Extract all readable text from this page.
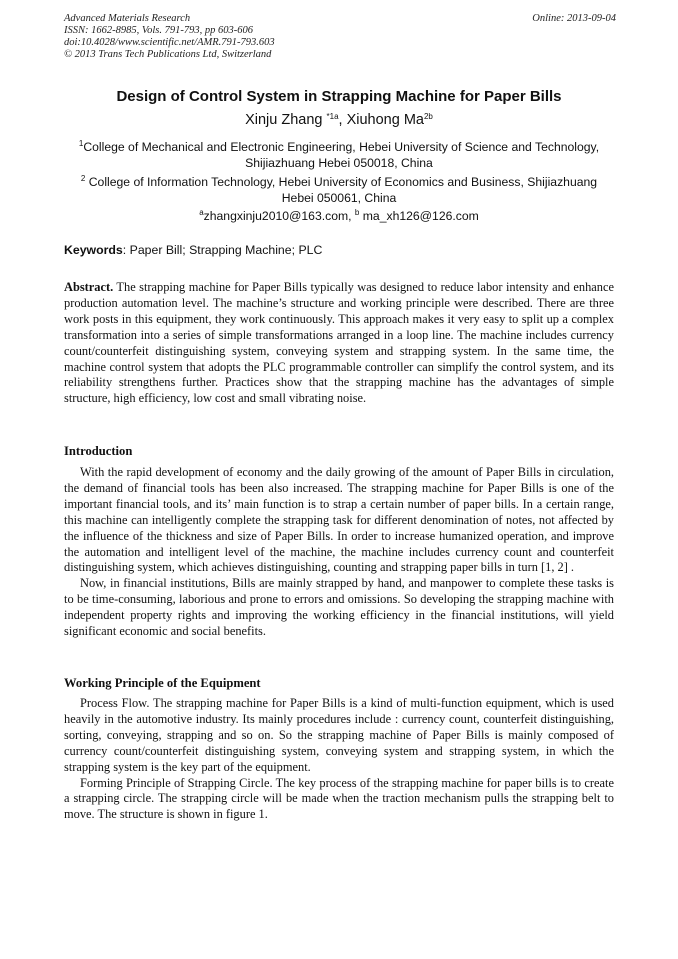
Advanced Materials Research
ISSN: 1662-8985, Vols. 791-793, pp 603-606
doi:10.4028/www.scientific.net/AMR.791-793.603
© 2013 Trans Tech Publications Ltd, Switzerland
Online: 2013-09-04
Design of Control System in Strapping Machine for Paper Bills
Xinju Zhang $^{*1a}$, Xiuhong $Ma^{2b}$
$^1$College of Mechanical and Electronic Engineering, Hebei University of Science and Technology,
Shijiazhuang Hebei 050018, China
$^2$ College of Information Technology, Hebei University of Economics and Business, Shijiazhuang
Hebei 050061, China
$^a$zhangxinju2010@163.com, $^b$ ma_xh126@126.com
Keywords: Paper Bill; Strapping Machine; PLC

Abstract. The strapping machine for Paper Bills typically was designed to reduce labor intensity and enhance production automation level. The machine’s structure and working principle were described. There are three work posts in this equipment, they work continuously. This approach makes it very easy to split up a complex transformation into a series of simple transformations arranged in a loop line. The machine includes currency count/counterfeit distinguishing system, conveying system and strapping system. In the same time, the machine control system that adopts the PLC programmable controller can simplify the control system, and its reliability strengthens further. Practices show that the strapping machine has the advantages of simple structure, high efficiency, low cost and small vibrating noise.

Introduction

With the rapid development of economy and the daily growing of the amount of Paper Bills in circulation, the demand of financial tools has been also increased. The strapping machine for Paper Bills is one of the important financial tools, and its’ main function is to strap a certain number of paper bills. In a certain range, this machine can intelligently complete the strapping task for different denomination of notes, not affected by the influence of the thickness and size of Paper Bills. In order to increase humanized operation, and improve the automation and intelligent level of the machine, the machine includes currency count and counterfeit distinguishing system, which achieves distinguishing, counting and strapping paper bills in turn [1, 2] .

Now, in financial institutions, Bills are mainly strapped by hand, and manpower to complete these tasks is to be time-consuming, laborious and prone to errors and omissions. So developing the strapping machine with independent property rights and improving the working efficiency in the financial institutions, will yield significant economic and social benefits.

Working Principle of the Equipment

Process Flow. The strapping machine for Paper Bills is a kind of multi-function equipment, which is used heavily in the automotive industry. Its mainly procedures include : currency count, counterfeit distinguishing, sorting, conveying, strapping and so on. So the strapping machine of Paper Bills is mainly composed of currency count/counterfeit distinguishing system, conveying system and strapping system, in which the strapping system is the key part of the equipment.

Forming Principle of Strapping Circle. The key process of the strapping machine for paper bills is to create a strapping circle. The strapping circle will be made when the traction mechanism pulls the strapping belt to move. The structure is shown in figure 1.
